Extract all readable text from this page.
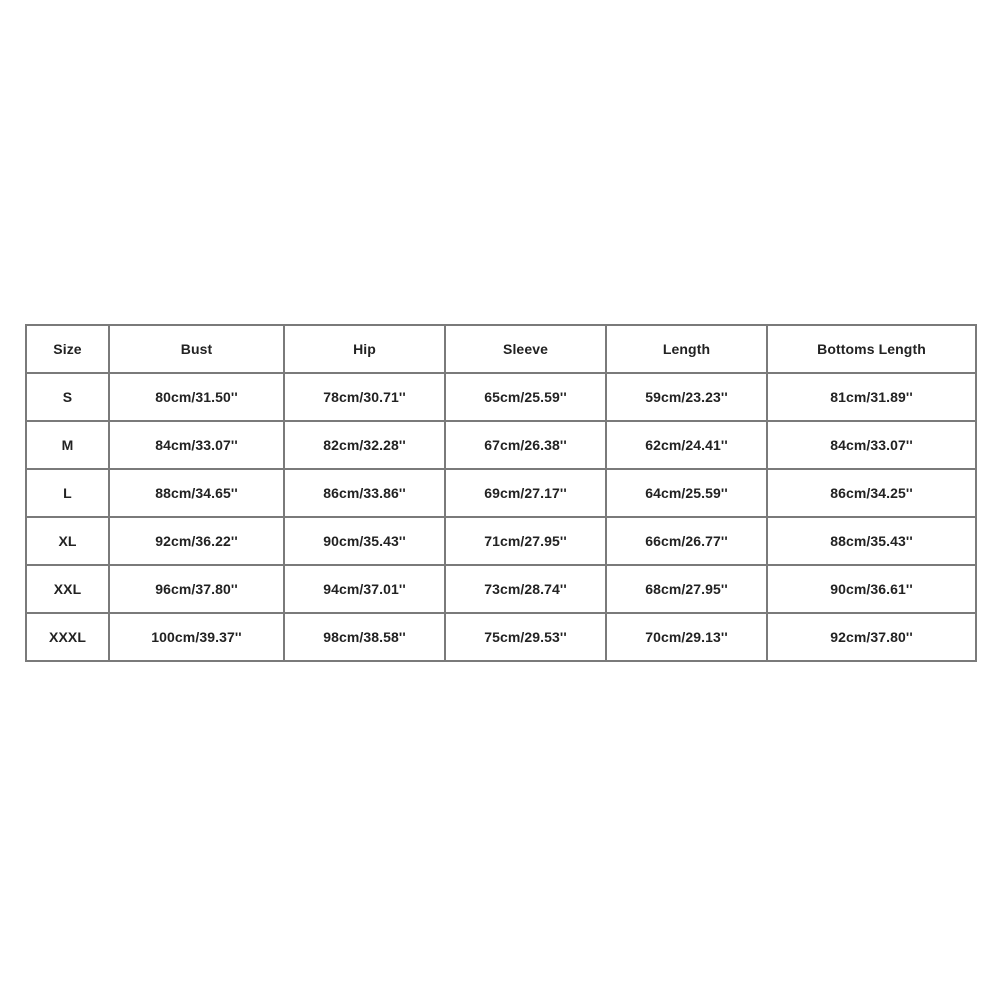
Size	Bust	Hip	Sleeve	Length	Bottoms Length
S	80cm/31.50''	78cm/30.71''	65cm/25.59''	59cm/23.23''	81cm/31.89''
M	84cm/33.07''	82cm/32.28''	67cm/26.38''	62cm/24.41''	84cm/33.07''
L	88cm/34.65''	86cm/33.86''	69cm/27.17''	64cm/25.59''	86cm/34.25''
XL	92cm/36.22''	90cm/35.43''	71cm/27.95''	66cm/26.77''	88cm/35.43''
XXL	96cm/37.80''	94cm/37.01''	73cm/28.74''	68cm/27.95''	90cm/36.61''
XXXL	100cm/39.37''	98cm/38.58''	75cm/29.53''	70cm/29.13''	92cm/37.80''
